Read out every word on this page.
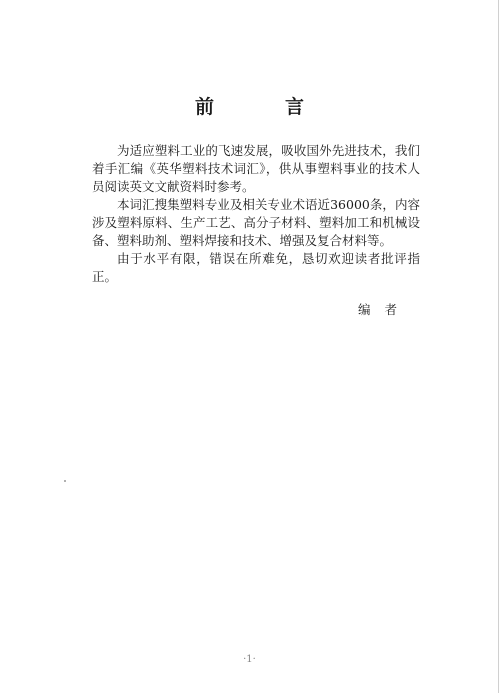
前　言

为适应塑料工业的飞速发展，吸收国外先进技术，我们着手汇编《英华塑料技术词汇》，供从事塑料事业的技术人员阅读英文文献资料时参考。

本词汇搜集塑料专业及相关专业术语近36000条，内容涉及塑料原料、生产工艺、高分子材料、塑料加工和机械设备、塑料助剂、塑料焊接和技术、增强及复合材料等。

由于水平有限，错误在所难免，恳切欢迎读者批评指正。

编者

·1·
